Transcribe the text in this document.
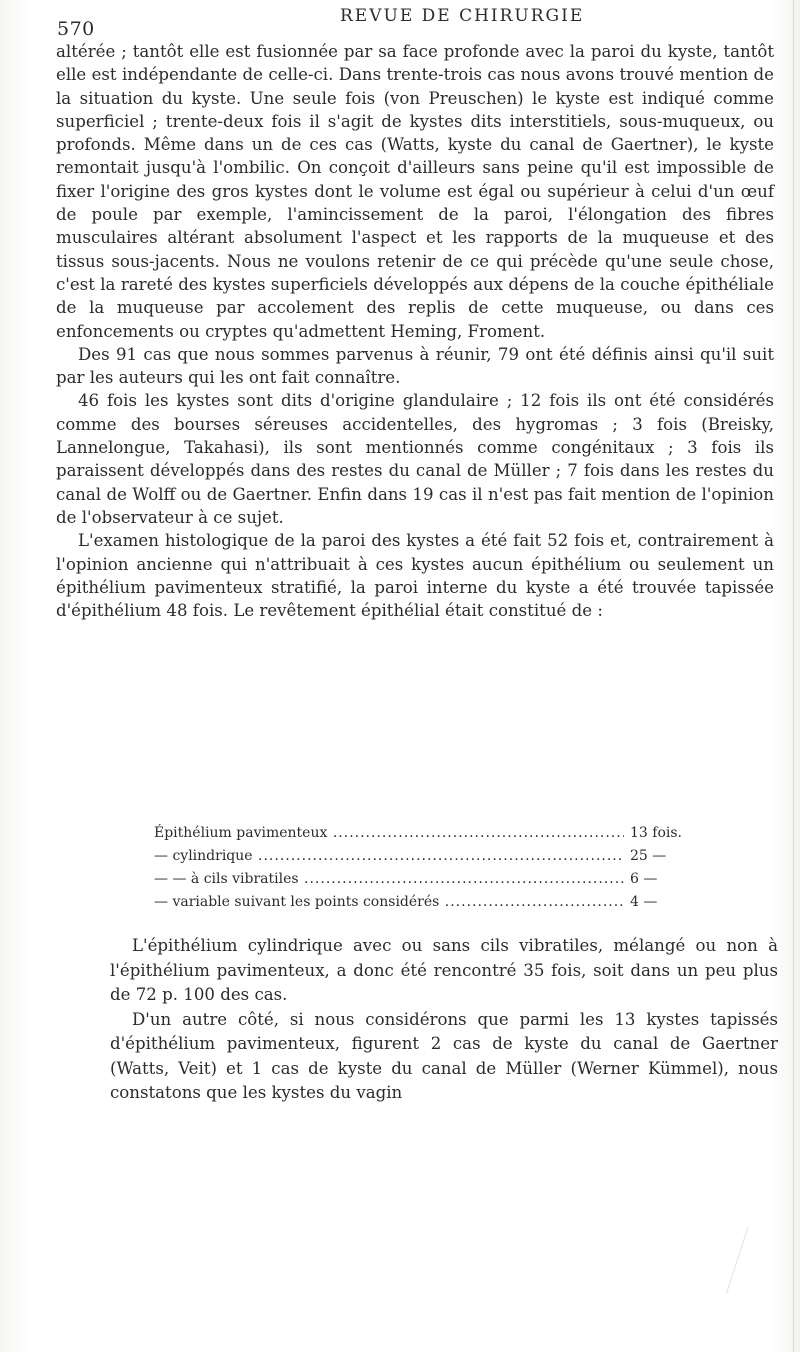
570
REVUE DE CHIRURGIE

altérée ; tantôt elle est fusionnée par sa face profonde avec la paroi du kyste, tantôt elle est indépendante de celle-ci. Dans trente-trois cas nous avons trouvé mention de la situation du kyste. Une seule fois (von Preuschen) le kyste est indiqué comme superficiel ; trente-deux fois il s'agit de kystes dits interstitiels, sous-muqueux, ou profonds. Même dans un de ces cas (Watts, kyste du canal de Gaertner), le kyste remontait jusqu'à l'ombilic. On conçoit d'ailleurs sans peine qu'il est impossible de fixer l'origine des gros kystes dont le volume est égal ou supérieur à celui d'un œuf de poule par exemple, l'amincissement de la paroi, l'élongation des fibres musculaires altérant absolument l'aspect et les rapports de la muqueuse et des tissus sous-jacents. Nous ne voulons retenir de ce qui précède qu'une seule chose, c'est la rareté des kystes superficiels développés aux dépens de la couche épithéliale de la muqueuse par accolement des replis de cette muqueuse, ou dans ces enfoncements ou cryptes qu'admettent Heming, Froment.

Des 91 cas que nous sommes parvenus à réunir, 79 ont été définis ainsi qu'il suit par les auteurs qui les ont fait connaître.

46 fois les kystes sont dits d'origine glandulaire ; 12 fois ils ont été considérés comme des bourses séreuses accidentelles, des hygromas ; 3 fois (Breisky, Lannelongue, Takahasi), ils sont mentionnés comme congénitaux ; 3 fois ils paraissent développés dans des restes du canal de Müller ; 7 fois dans les restes du canal de Wolff ou de Gaertner. Enfin dans 19 cas il n'est pas fait mention de l'opinion de l'observateur à ce sujet.

L'examen histologique de la paroi des kystes a été fait 52 fois et, contrairement à l'opinion ancienne qui n'attribuait à ces kystes aucun épithélium ou seulement un épithélium pavimenteux stratifié, la paroi interne du kyste a été trouvée tapissée d'épithélium 48 fois. Le revêtement épithélial était constitué de :

Épithélium pavimenteux .....	13 fois.
— cylindrique .....	25 —
— — à cils vibratiles .....	6 —
— variable suivant les points considérés .....	4 —

L'épithélium cylindrique avec ou sans cils vibratiles, mélangé ou non à l'épithélium pavimenteux, a donc été rencontré 35 fois, soit dans un peu plus de 72 p. 100 des cas.

D'un autre côté, si nous considérons que parmi les 13 kystes tapissés d'épithélium pavimenteux, figurent 2 cas de kyste du canal de Gaertner (Watts, Veit) et 1 cas de kyste du canal de Müller (Werner Kümmel), nous constatons que les kystes du vagin
